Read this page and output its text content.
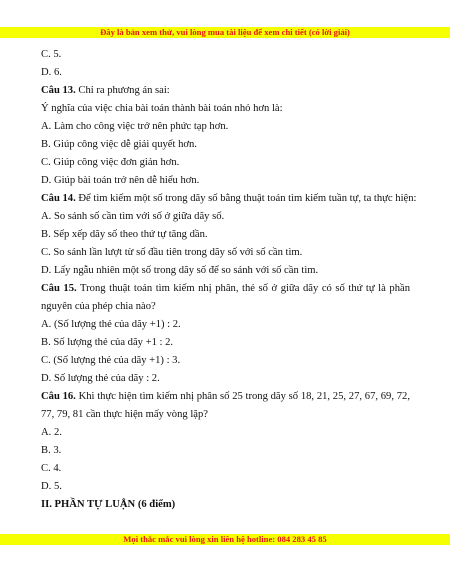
Đây là bản xem thử, vui lòng mua tài liệu để xem chi tiết (có lời giải)
C. 5.
D. 6.
Câu 13. Chỉ ra phương án sai:
Ý nghĩa của việc chia bài toán thành bài toán nhỏ hơn là:
A. Làm cho công việc trở nên phức tạp hơn.
B. Giúp công việc dễ giải quyết hơn.
C. Giúp công việc đơn giản hơn.
D. Giúp bài toán trở nên dễ hiểu hơn.
Câu 14. Để tìm kiếm một số trong dãy số bằng thuật toán tìm kiếm tuần tự, ta thực hiện:
A. So sánh số cần tìm với số ở giữa dãy số.
B. Sếp xếp dãy số theo thứ tự tăng dần.
C. So sánh lần lượt từ số đầu tiên trong dãy số với số cần tìm.
D. Lấy ngẫu nhiên một số trong dãy số để so sánh với số cần tìm.
Câu 15. Trong thuật toán tìm kiếm nhị phân, thẻ số ở giữa dãy có số thứ tự là phần
nguyên của phép chia nào?
A. (Số lượng thẻ của dãy +1) : 2.
B. Số lượng thẻ của dãy +1 : 2.
C. (Số lượng thẻ của dãy +1) : 3.
D. Số lượng thẻ của dãy : 2.
Câu 16. Khi thực hiện tìm kiếm nhị phân số 25 trong dãy số 18, 21, 25, 27, 67, 69, 72,
77, 79, 81 cần thực hiện mấy vòng lặp?
A. 2.
B. 3.
C. 4.
D. 5.
II. PHẦN TỰ LUẬN (6 điểm)
Mọi thắc mắc vui lòng xin liên hệ hotline: 084 283 45 85
